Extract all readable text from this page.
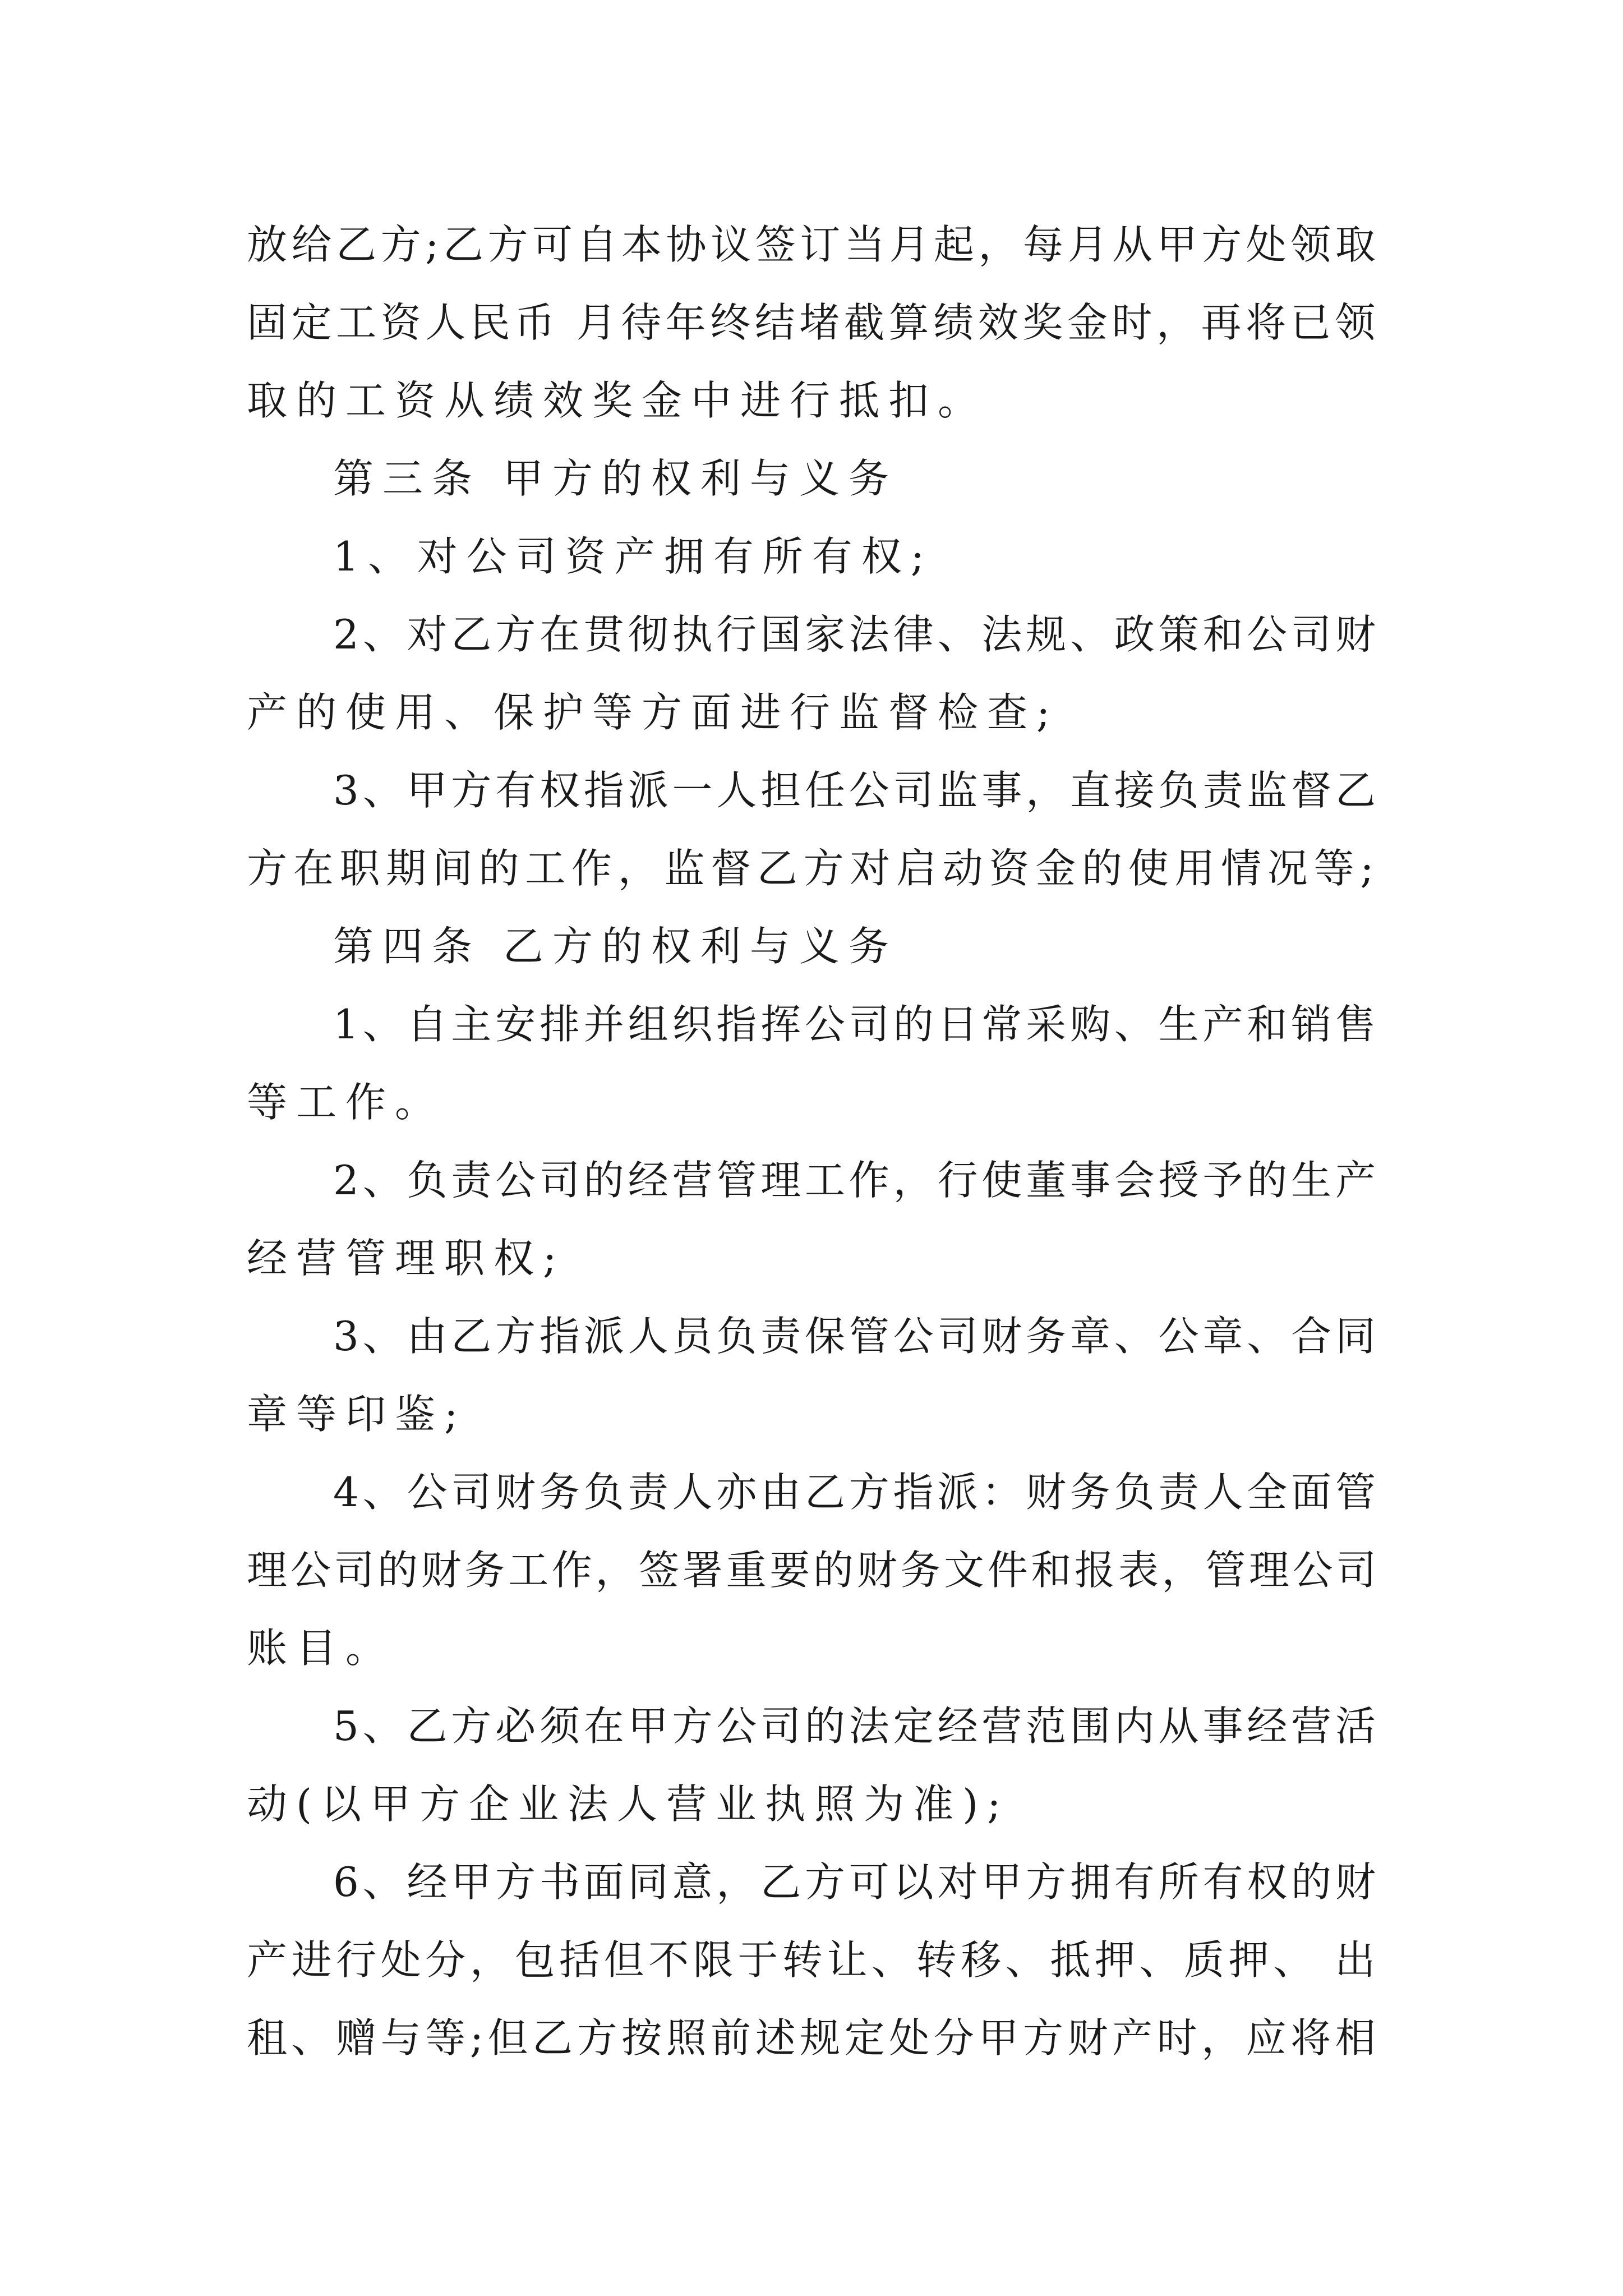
放给乙方;乙方可自本协议签订当月起，每月从甲方处领取
固定工资人民币 月待年终结堵截算绩效奖金时，再将已领
取的工资从绩效奖金中进行抵扣。
第三条 甲方的权利与义务
1、对公司资产拥有所有权;
2、对乙方在贯彻执行国家法律、法规、政策和公司财
产的使用、保护等方面进行监督检查;
3、甲方有权指派一人担任公司监事，直接负责监督乙
方在职期间的工作，监督乙方对启动资金的使用情况等;
第四条 乙方的权利与义务
1、自主安排并组织指挥公司的日常采购、生产和销售
等工作。
2、负责公司的经营管理工作，行使董事会授予的生产
经营管理职权;
3、由乙方指派人员负责保管公司财务章、公章、合同
章等印鉴;
4、公司财务负责人亦由乙方指派：财务负责人全面管
理公司的财务工作，签署重要的财务文件和报表，管理公司
账目。
5、乙方必须在甲方公司的法定经营范围内从事经营活
动(以甲方企业法人营业执照为准);
6、经甲方书面同意，乙方可以对甲方拥有所有权的财
产进行处分，包括但不限于转让、转移、抵押、质押、 出
租、赠与等;但乙方按照前述规定处分甲方财产时，应将相
